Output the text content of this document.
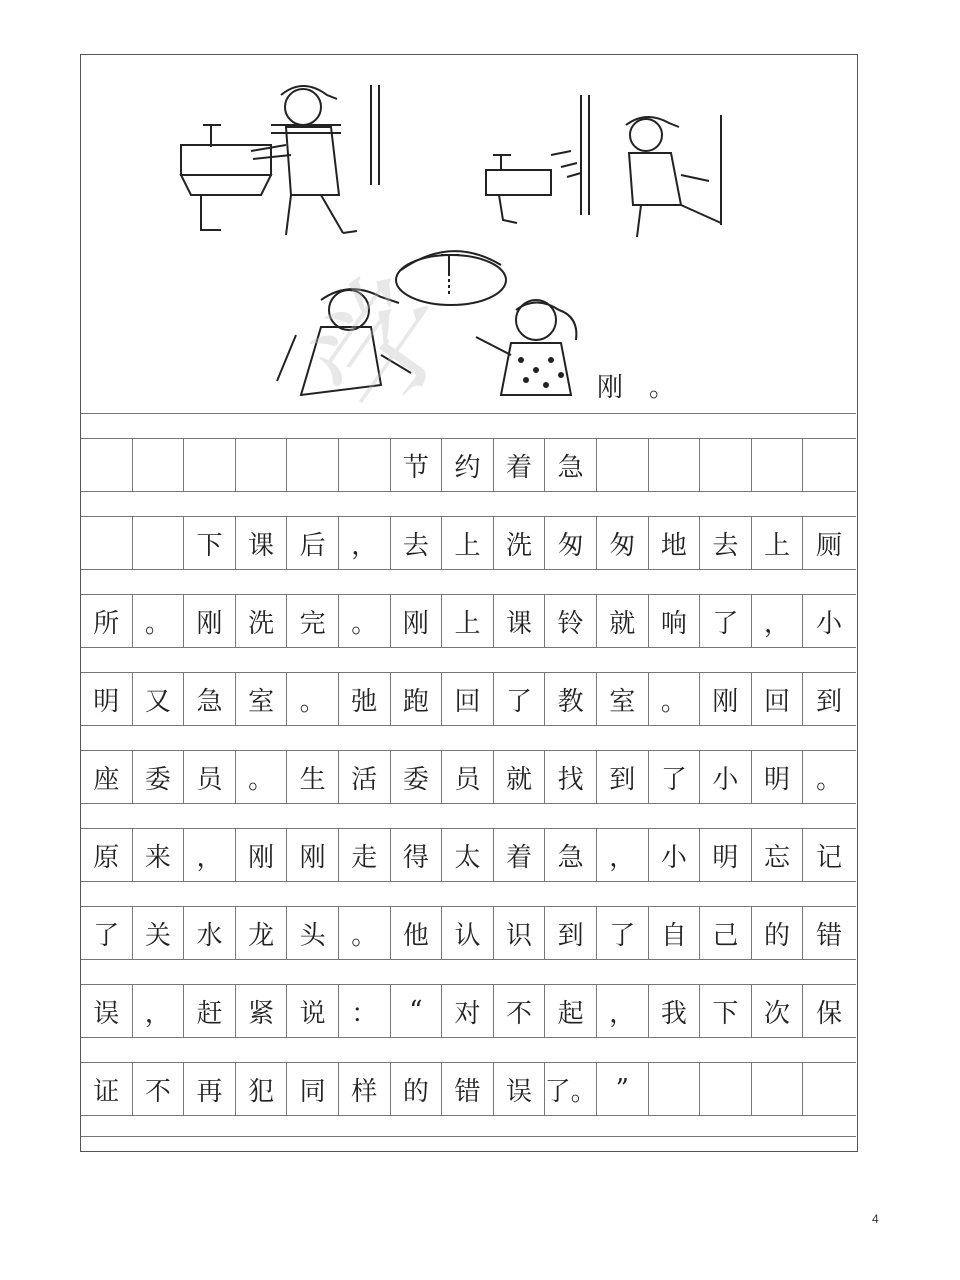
刚 。
节 约 着 急
下 课 后 ， 去 上 洗 匆 匆 地 去 上	厕
所 。 刚 洗 完 。 刚 上 课 铃 就 响 了 ，	小
明 又 急 室 。 弛 跑 回 了 教 室 。 刚 回	到
座 委 员 。 生 活 委 员 就 找 到 了 小 明	。
原 来 ， 刚 刚 走 得 太 着 急 ， 小 明 忘	记
了 关 水 龙 头 。 他 认 识 到 了 自 己 的	错
误 ， 赶 紧 说 ：	“	对 不 起 ， 我 下 次	保
证 不 再 犯 同 样 的 错 误 了。 ”
学
4
